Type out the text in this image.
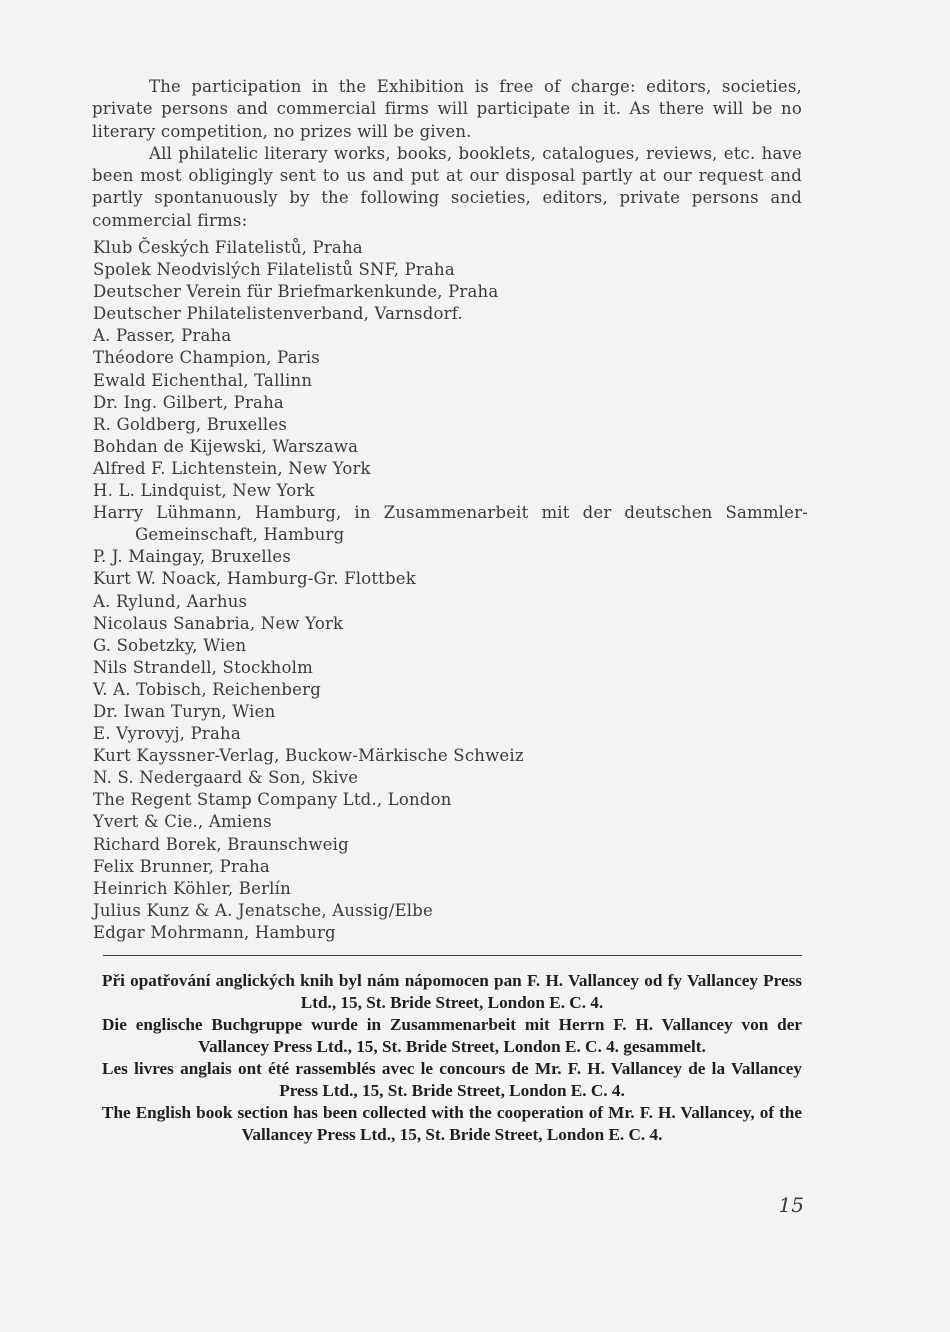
The participation in the Exhibition is free of charge: editors, societies, private persons and commercial firms will participate in it. As there will be no literary competition, no prizes will be given.

All philatelic literary works, books, booklets, catalogues, reviews, etc. have been most obligingly sent to us and put at our disposal partly at our request and partly spontanuously by the following societies, editors, private persons and commercial firms:

Klub Českých Filatelistů, Praha
Spolek Neodvislých Filatelistů SNF, Praha
Deutscher Verein für Briefmarkenkunde, Praha
Deutscher Philatelistenverband, Varnsdorf.
A. Passer, Praha
Théodore Champion, Paris
Ewald Eichenthal, Tallinn
Dr. Ing. Gilbert, Praha
R. Goldberg, Bruxelles
Bohdan de Kijewski, Warszawa
Alfred F. Lichtenstein, New York
H. L. Lindquist, New York
Harry Lühmann, Hamburg, in Zusammenarbeit mit der deutschen Sammler-Gemeinschaft, Hamburg
P. J. Maingay, Bruxelles
Kurt W. Noack, Hamburg-Gr. Flottbek
A. Rylund, Aarhus
Nicolaus Sanabria, New York
G. Sobetzky, Wien
Nils Strandell, Stockholm
V. A. Tobisch, Reichenberg
Dr. Iwan Turyn, Wien
E. Vyrovyj, Praha
Kurt Kayssner-Verlag, Buckow-Märkische Schweiz
N. S. Nedergaard & Son, Skive
The Regent Stamp Company Ltd., London
Yvert & Cie., Amiens
Richard Borek, Braunschweig
Felix Brunner, Praha
Heinrich Köhler, Berlín
Julius Kunz & A. Jenatsche, Aussig/Elbe
Edgar Mohrmann, Hamburg

Při opatřování anglických knih byl nám nápomocen pan F. H. Vallancey od fy Vallancey Press Ltd., 15, St. Bride Street, London E. C. 4.

Die englische Buchgruppe wurde in Zusammenarbeit mit Herrn F. H. Vallancey von der Vallancey Press Ltd., 15, St. Bride Street, London E. C. 4. gesammelt.

Les livres anglais ont été rassemblés avec le concours de Mr. F. H. Vallancey de la Vallancey Press Ltd., 15, St. Bride Street, London E. C. 4.

The English book section has been collected with the cooperation of Mr. F. H. Vallancey, of the Vallancey Press Ltd., 15, St. Bride Street, London E. C. 4.

15
